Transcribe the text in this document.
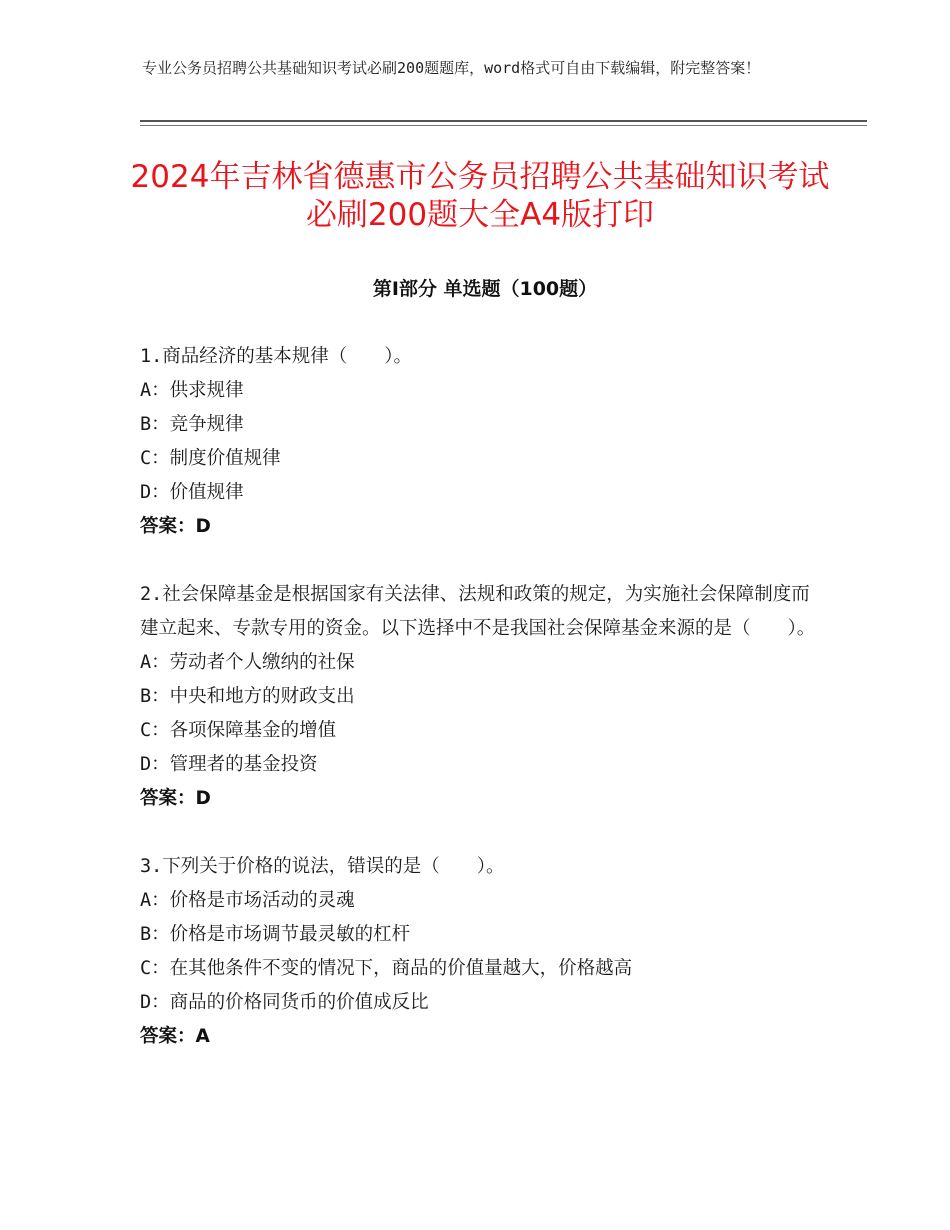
专业公务员招聘公共基础知识考试必刷200题题库，word格式可自由下载编辑，附完整答案！
2024年吉林省德惠市公务员招聘公共基础知识考试必刷200题大全A4版打印
第Ⅰ部分 单选题（100题）
1.商品经济的基本规律（　　）。
A：供求规律
B：竞争规律
C：制度价值规律
D：价值规律
答案：D
2.社会保障基金是根据国家有关法律、法规和政策的规定，为实施社会保障制度而建立起来、专款专用的资金。以下选择中不是我国社会保障基金来源的是（　　）。
A：劳动者个人缴纳的社保
B：中央和地方的财政支出
C：各项保障基金的增值
D：管理者的基金投资
答案：D
3.下列关于价格的说法，错误的是（　　）。
A：价格是市场活动的灵魂
B：价格是市场调节最灵敏的杠杆
C：在其他条件不变的情况下，商品的价值量越大，价格越高
D：商品的价格同货币的价值成反比
答案：A
